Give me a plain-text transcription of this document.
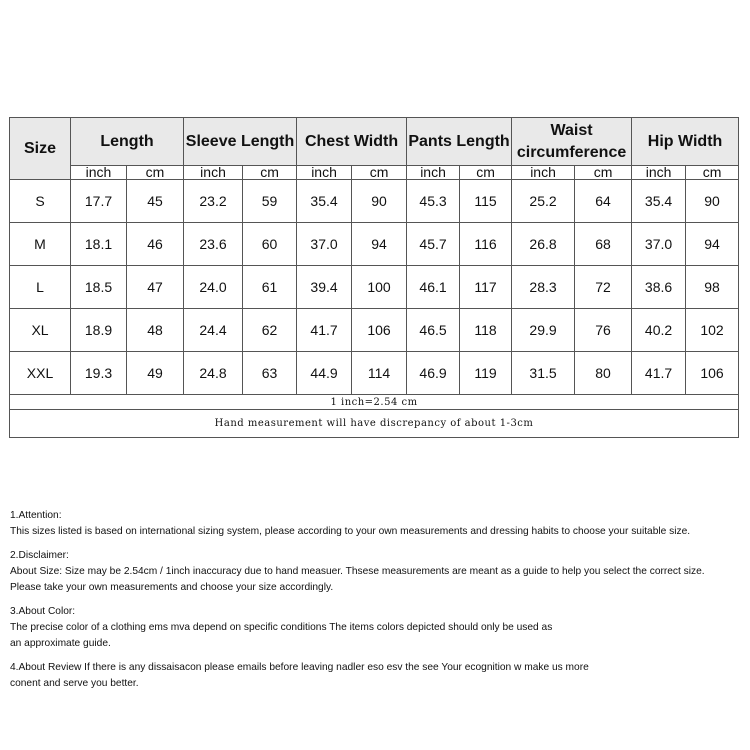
Size	Length		Sleeve Length		Chest Width		Pants Length		Waist circumference		Hip Width	
	inch	cm	inch	cm	inch	cm	inch	cm	inch	cm	inch	cm
S	17.7	45	23.2	59	35.4	90	45.3	115	25.2	64	35.4	90
M	18.1	46	23.6	60	37.0	94	45.7	116	26.8	68	37.0	94
L	18.5	47	24.0	61	39.4	100	46.1	117	28.3	72	38.6	98
XL	18.9	48	24.4	62	41.7	106	46.5	118	29.9	76	40.2	102
XXL	19.3	49	24.8	63	44.9	114	46.9	119	31.5	80	41.7	106
1 inch=2.54 cm												
Hand measurement will have discrepancy of about 1-3cm												
1.Attention:
This sizes listed is based on international sizing system, please according to your own measurements and dressing habits to choose your suitable size.
2.Disclaimer:
About Size: Size may be 2.54cm / 1inch inaccuracy due to hand measuer. Thsese measurements are meant as a guide to help you select the correct size.
Please take your own measurements and choose your size accordingly.
3.About Color:
The precise color of a clothing ems mva depend on specific conditions The items colors depicted should only be used as
an approximate guide.
4.About Review If there is any dissaisacon please emails before leaving nadler eso esv the see Your ecognition w make us more
conent and serve you better.
